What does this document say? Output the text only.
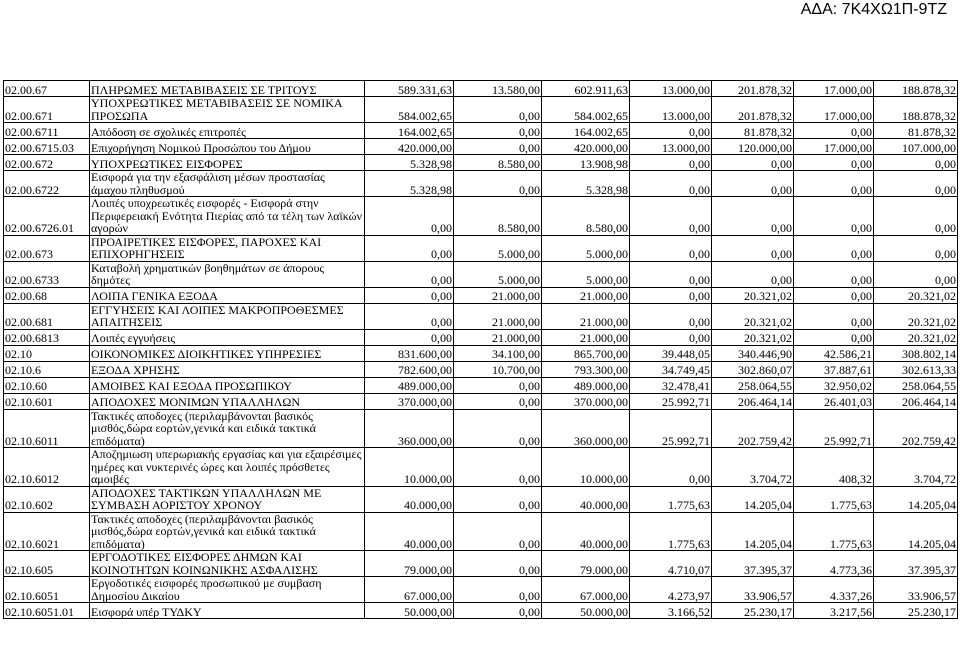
ΑΔΑ: 7Κ4ΧΩ1Π-9ΤΖ
02.00.67	ΠΛΗΡΩΜΕΣ ΜΕΤΑΒΙΒΑΣΕΙΣ ΣΕ ΤΡΙΤΟΥΣ	589.331,63	13.580,00	602.911,63	13.000,00	201.878,32	17.000,00	188.878,32
02.00.671	ΥΠΟΧΡΕΩΤΙΚΕΣ ΜΕΤΑΒΙΒΑΣΕΙΣ ΣΕ ΝΟΜΙΚΑ ΠΡΟΣΩΠΑ	584.002,65	0,00	584.002,65	13.000,00	201.878,32	17.000,00	188.878,32
02.00.6711	Απόδοση σε σχολικές επιτροπές	164.002,65	0,00	164.002,65	0,00	81.878,32	0,00	81.878,32
02.00.6715.03	Επιχορήγηση Νομικού Προσώπου του Δήμου	420.000,00	0,00	420.000,00	13.000,00	120.000,00	17.000,00	107.000,00
02.00.672	ΥΠΟΧΡΕΩΤΙΚΕΣ ΕΙΣΦΟΡΕΣ	5.328,98	8.580,00	13.908,98	0,00	0,00	0,00	0,00
02.00.6722	Εισφορά για την εξασφάλιση μέσων προστασίας άμαχου πληθυσμού	5.328,98	0,00	5.328,98	0,00	0,00	0,00	0,00
02.00.6726.01	Λοιπές υποχρεωτικές εισφορές - Εισφορά στην Περιφερειακή Ενότητα Πιερίας από τα τέλη των λαϊκών αγορών	0,00	8.580,00	8.580,00	0,00	0,00	0,00	0,00
02.00.673	ΠΡΟΑΙΡΕΤΙΚΕΣ ΕΙΣΦΟΡΕΣ, ΠΑΡΟΧΕΣ ΚΑΙ ΕΠΙΧΟΡΗΓΗΣΕΙΣ	0,00	5.000,00	5.000,00	0,00	0,00	0,00	0,00
02.00.6733	Καταβολή χρηματικών βοηθημάτων σε άπορους δημότες	0,00	5.000,00	5.000,00	0,00	0,00	0,00	0,00
02.00.68	ΛΟΙΠΑ ΓΕΝΙΚΑ ΕΞΟΔΑ	0,00	21.000,00	21.000,00	0,00	20.321,02	0,00	20.321,02
02.00.681	ΕΓΓΥΗΣΕΙΣ ΚΑΙ ΛΟΙΠΕΣ ΜΑΚΡΟΠΡΟΘΕΣΜΕΣ ΑΠΑΙΤΗΣΕΙΣ	0,00	21.000,00	21.000,00	0,00	20.321,02	0,00	20.321,02
02.00.6813	Λοιπές εγγυήσεις	0,00	21.000,00	21.000,00	0,00	20.321,02	0,00	20.321,02
02.10	ΟΙΚΟΝΟΜΙΚΕΣ ΔΙΟΙΚΗΤΙΚΕΣ ΥΠΗΡΕΣΙΕΣ	831.600,00	34.100,00	865.700,00	39.448,05	340.446,90	42.586,21	308.802,14
02.10.6	ΕΞΟΔΑ ΧΡΗΣΗΣ	782.600,00	10.700,00	793.300,00	34.749,45	302.860,07	37.887,61	302.613,33
02.10.60	ΑΜΟΙΒΕΣ ΚΑΙ ΕΞΟΔΑ ΠΡΟΣΩΠΙΚΟΥ	489.000,00	0,00	489.000,00	32.478,41	258.064,55	32.950,02	258.064,55
02.10.601	ΑΠΟΔΟΧΕΣ ΜΟΝΙΜΩΝ ΥΠΑΛΛΗΛΩΝ	370.000,00	0,00	370.000,00	25.992,71	206.464,14	26.401,03	206.464,14
02.10.6011	Τακτικές αποδοχες (περιλαμβάνονται βασικός μισθός,δώρα εορτών,γενικά και ειδικά τακτικά επιδόματα)	360.000,00	0,00	360.000,00	25.992,71	202.759,42	25.992,71	202.759,42
02.10.6012	Αποζημιωση υπερωριακής εργασίας και για εξαιρέσιμες ημέρες και νυκτερινές ώρες και λοιπές πρόσθετες αμοιβές	10.000,00	0,00	10.000,00	0,00	3.704,72	408,32	3.704,72
02.10.602	ΑΠΟΔΟΧΕΣ ΤΑΚΤΙΚΩΝ ΥΠΑΛΛΗΛΩΝ ΜΕ ΣΥΜΒΑΣΗ ΑΟΡΙΣΤΟΥ ΧΡΟΝΟΥ	40.000,00	0,00	40.000,00	1.775,63	14.205,04	1.775,63	14.205,04
02.10.6021	Τακτικές αποδοχες (περιλαμβάνονται βασικός μισθός,δώρα εορτών,γενικά και ειδικά τακτικά επιδόματα)	40.000,00	0,00	40.000,00	1.775,63	14.205,04	1.775,63	14.205,04
02.10.605	ΕΡΓΟΔΟΤΙΚΕΣ ΕΙΣΦΟΡΕΣ ΔΗΜΩΝ ΚΑΙ ΚΟΙΝΟΤΗΤΩΝ ΚΟΙΝΩΝΙΚΗΣ ΑΣΦΑΛΙΣΗΣ	79.000,00	0,00	79.000,00	4.710,07	37.395,37	4.773,36	37.395,37
02.10.6051	Εργοδοτικές εισφορές προσωπικού με συμβαση Δημοσίου Δικαίου	67.000,00	0,00	67.000,00	4.273,97	33.906,57	4.337,26	33.906,57
02.10.6051.01	Εισφορά υπέρ ΤΥΔΚΥ	50.000,00	0,00	50.000,00	3.166,52	25.230,17	3.217,56	25.230,17
